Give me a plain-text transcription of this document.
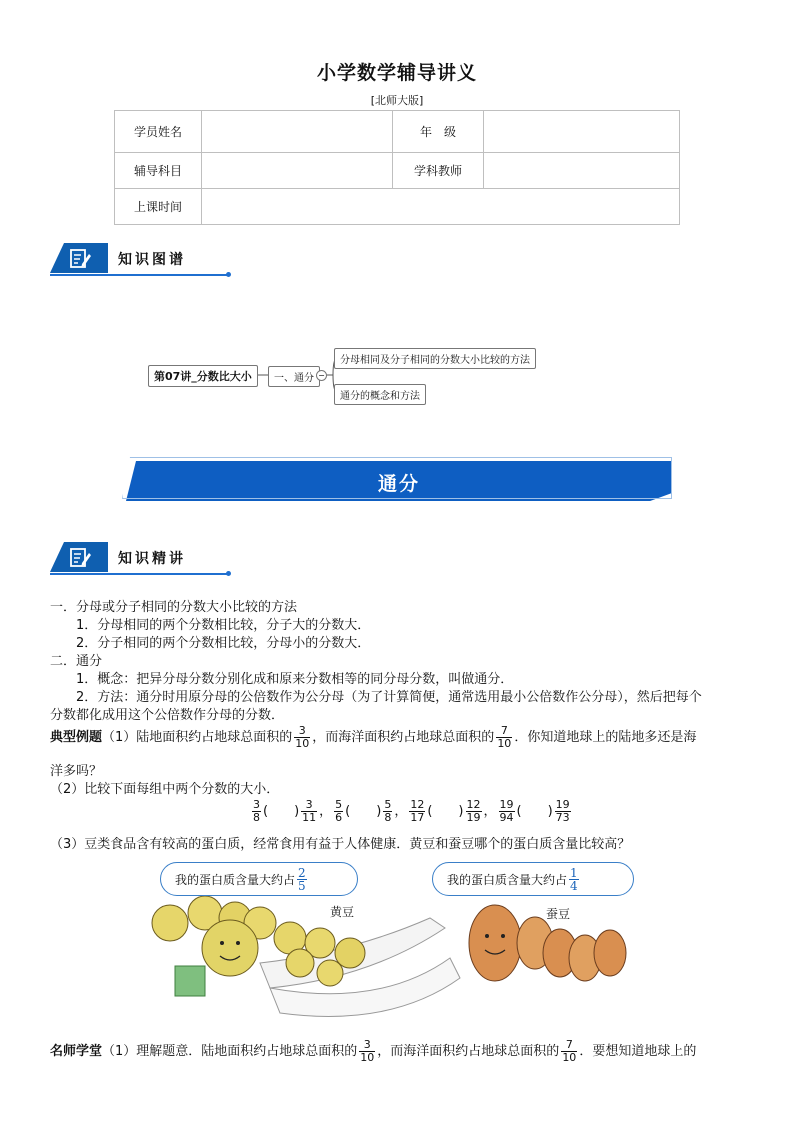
小学数学辅导讲义
[北师大版]
学员姓名		年　级	
辅导科目		学科教师	
上课时间			
知识图谱
第07讲_分数比大小	一、通分 −
分母相同及分子相同的分数大小比较的方法
通分的概念和方法
通分
知识精讲
一．分母或分子相同的分数大小比较的方法
1．分母相同的两个分数相比较，分子大的分数大．
2．分子相同的两个分数相比较，分母小的分数大．
二．通分
1．概念：把异分母分数分别化成和原来分数相等的同分母分数，叫做通分．
2．方法：通分时用原分母的公倍数作为公分母（为了计算简便，通常选用最小公倍数作公分母），然后把每个
分数都化成用这个公倍数作分母的分数．
典型例题（1）陆地面积约占地球总面积的 $\frac{3}{10}$ ，而海洋面积约占地球总面积的 $\frac{7}{10}$ ．你知道地球上的陆地多还是海
洋多吗？
（2）比较下面每组中两个分数的大小．
$\frac{3}{8}$ ( ) $\frac{3}{11}$ ， $\frac{5}{6}$ ( ) $\frac{5}{8}$ ， $\frac{12}{17}$ ( ) $\frac{12}{19}$ ， $\frac{19}{94}$ ( ) $\frac{19}{73}$
（3）豆类食品含有较高的蛋白质，经常食用有益于人体健康．黄豆和蚕豆哪个的蛋白质含量比较高？
我的蛋白质含量大约占 $\frac{2}{5}$	我的蛋白质含量大约占 $\frac{1}{4}$
黄豆	蚕豆
名师学堂（1）理解题意．陆地面积约占地球总面积的 $\frac{3}{10}$ ，而海洋面积约占地球总面积的 $\frac{7}{10}$ ．要想知道地球上的
